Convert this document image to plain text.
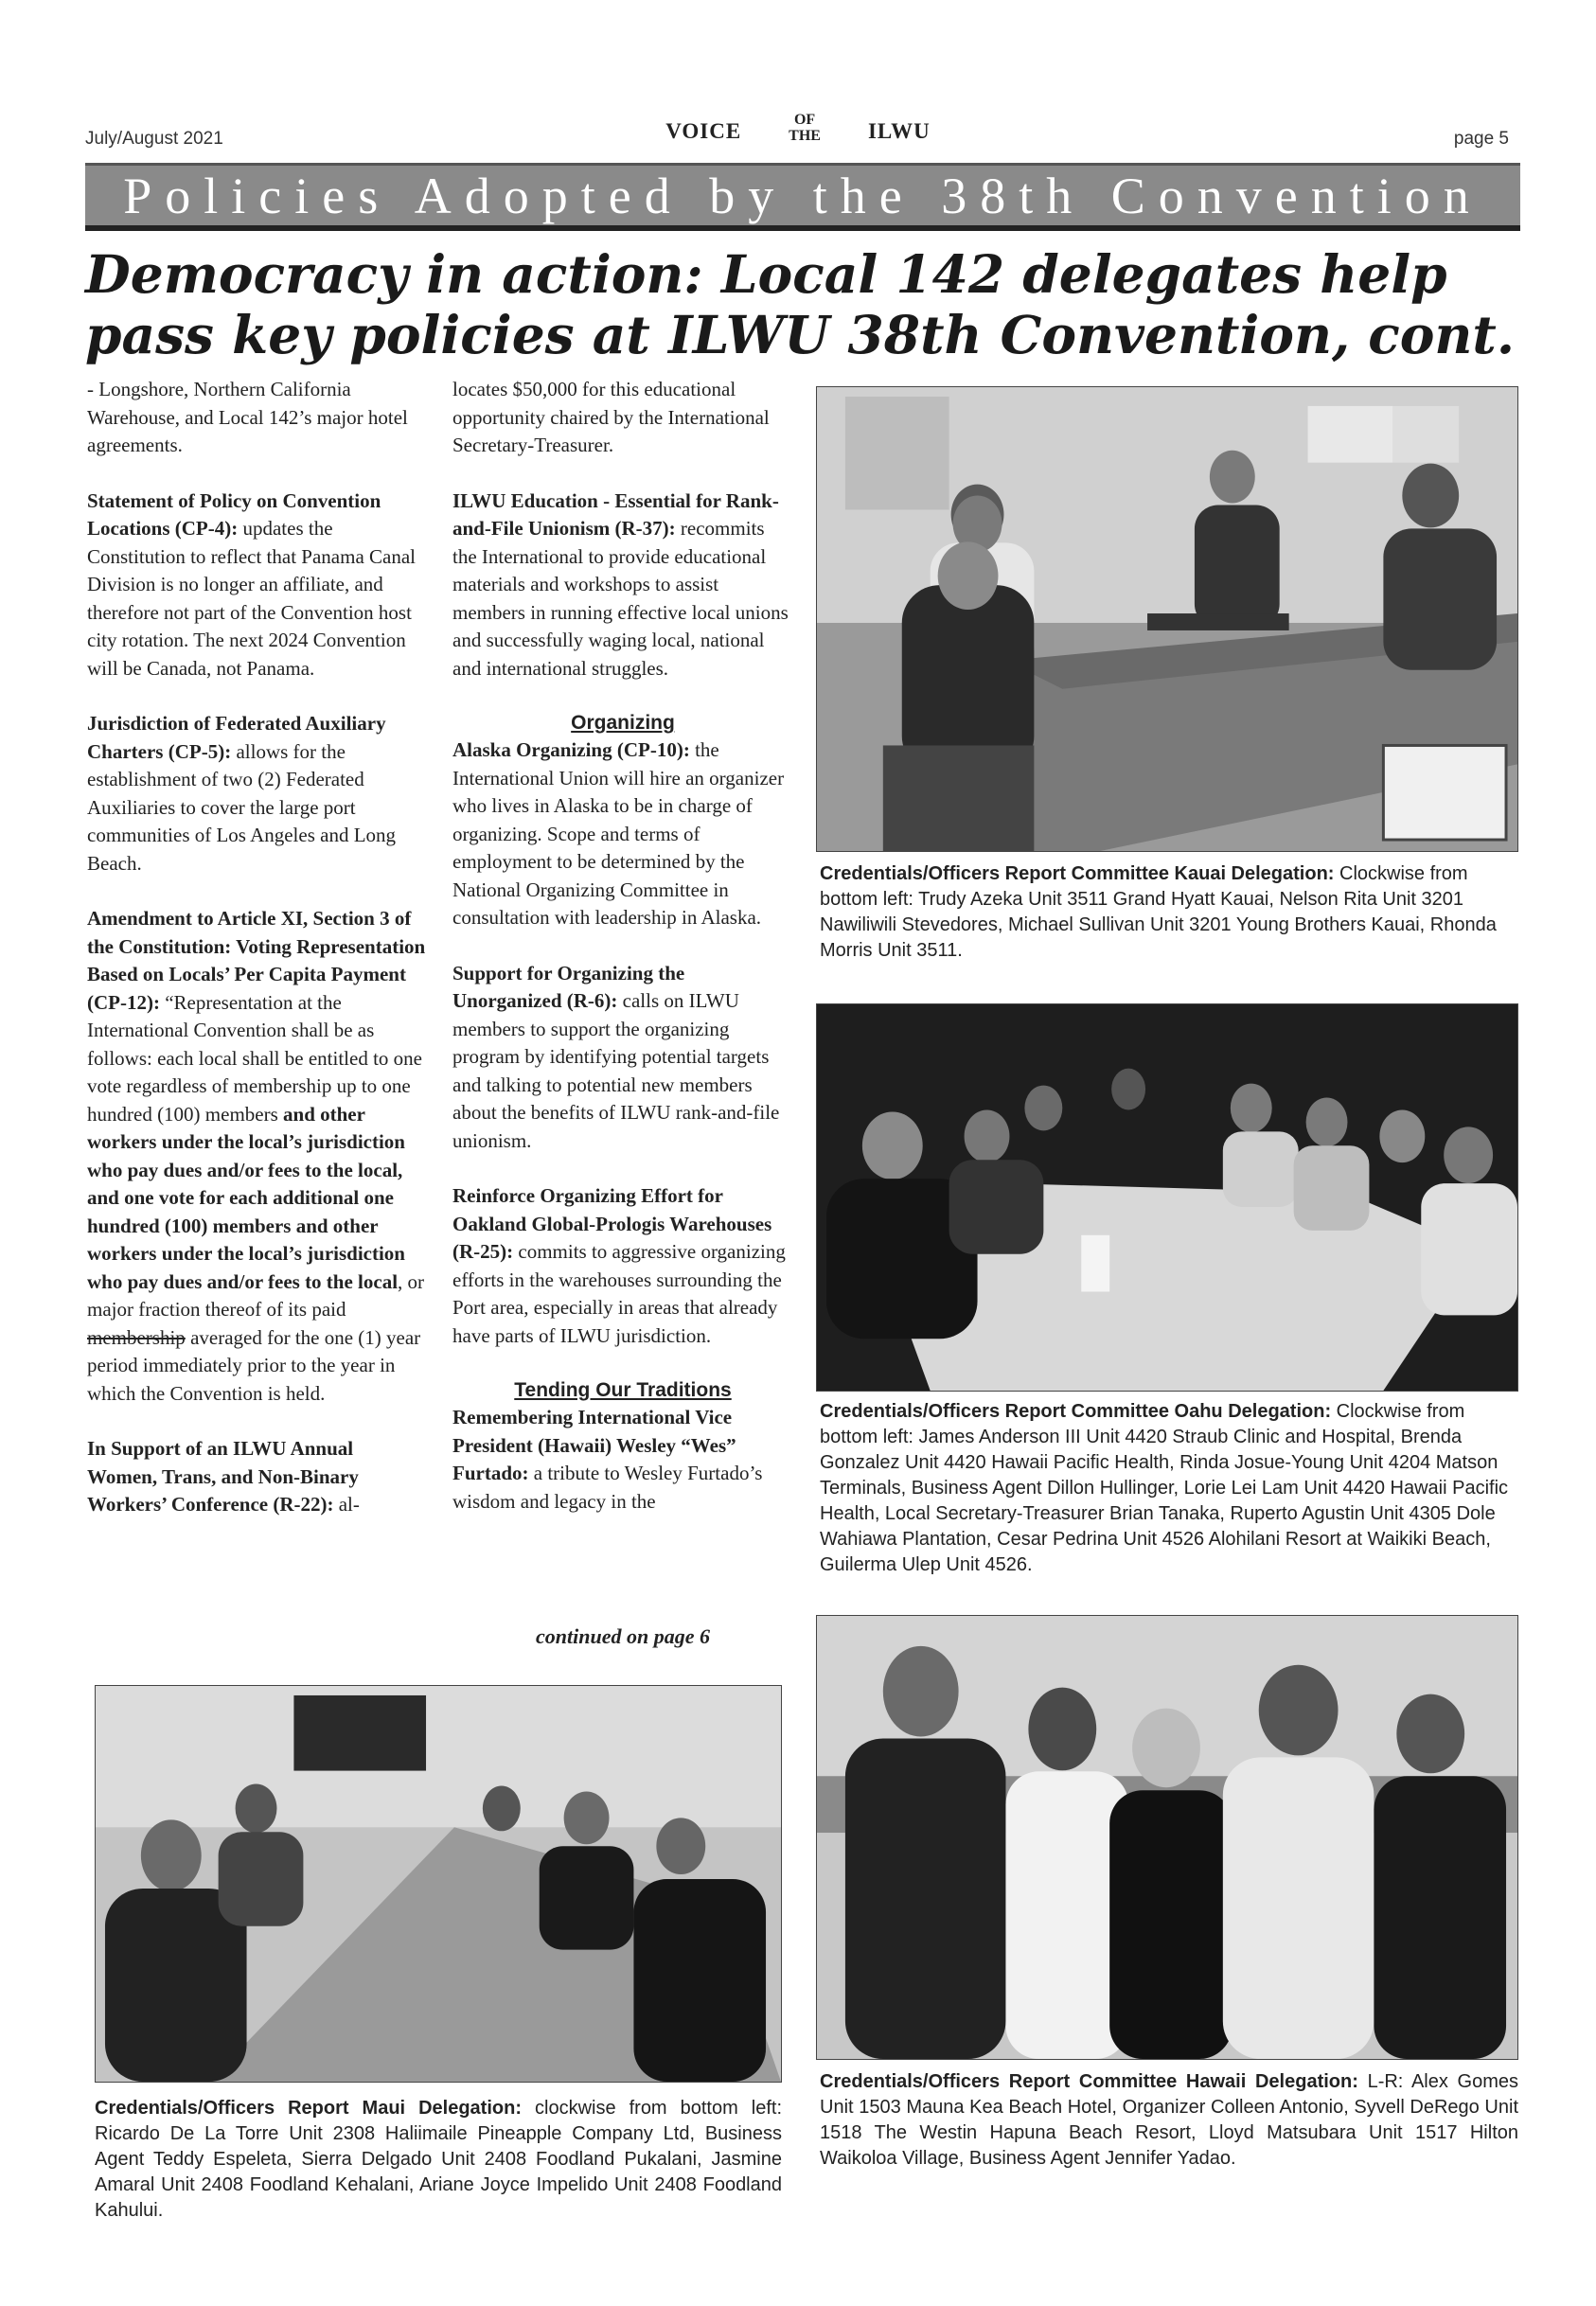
July/August 2021	VOICE	OF
THE ILWU	page 5
Policies Adopted by the 38th Convention
Democracy in action: Local 142 delegates help pass key policies at ILWU 38th Convention, cont.

- Longshore, Northern California Warehouse, and Local 142’s major hotel agreements.

Statement of Policy on Convention Locations (CP-4): updates the Constitution to reflect that Panama Canal Division is no longer an affiliate, and therefore not part of the Convention host city rotation. The next 2024 Convention will be Canada, not Panama.

Jurisdiction of Federated Auxiliary Charters (CP-5): allows for the establishment of two (2) Federated Auxiliaries to cover the large port communities of Los Angeles and Long Beach.

Amendment to Article XI, Section 3 of the Constitution: Voting Representation Based on Locals’ Per Capita Payment (CP-12): “Representation at the International Convention shall be as follows: each local shall be entitled to one vote regardless of membership up to one hundred (100) members and other workers under the local’s jurisdiction who pay dues and/or fees to the local, and one vote for each additional one hundred (100) members and other workers under the local’s jurisdiction who pay dues and/or fees to the local, or major fraction thereof of its paid membership averaged for the one (1) year period immediately prior to the year in which the Convention is held.

In Support of an ILWU Annual Women, Trans, and Non-Binary Workers’ Conference (R-22): al-

locates $50,000 for this educational opportunity chaired by the International Secretary-Treasurer.

ILWU Education - Essential for Rank-and-File Unionism (R-37): recommits the International to provide educational materials and workshops to assist members in running effective local unions and successfully waging local, national and international struggles.

Organizing

Alaska Organizing (CP-10): the International Union will hire an organizer who lives in Alaska to be in charge of organizing. Scope and terms of employment to be determined by the National Organizing Committee in consultation with leadership in Alaska.

Support for Organizing the Unorganized (R-6): calls on ILWU members to support the organizing program by identifying potential targets and talking to potential new members about the benefits of ILWU rank-and-file unionism.

Reinforce Organizing Effort for Oakland Global-Prologis Warehouses (R-25): commits to aggressive organizing efforts in the warehouses surrounding the Port area, especially in areas that already have parts of ILWU jurisdiction.

Tending Our Traditions

Remembering International Vice President (Hawaii) Wesley “Wes” Furtado: a tribute to Wesley Furtado’s wisdom and legacy in the

continued on page 6
Credentials/Officers Report Committee Kauai Delegation: Clockwise from bottom left: Trudy Azeka Unit 3511 Grand Hyatt Kauai, Nelson Rita Unit 3201 Nawiliwili Stevedores, Michael Sullivan Unit 3201 Young Brothers Kauai, Rhonda Morris Unit 3511.
Credentials/Officers Report Committee Oahu Delegation: Clockwise from bottom left: James Anderson III Unit 4420 Straub Clinic and Hospital, Brenda Gonzalez Unit 4420 Hawaii Pacific Health, Rinda Josue-Young Unit 4204 Matson Terminals, Business Agent Dillon Hullinger, Lorie Lei Lam Unit 4420 Hawaii Pacific Health, Local Secretary-Treasurer Brian Tanaka, Ruperto Agustin Unit 4305 Dole Wahiawa Plantation, Cesar Pedrina Unit 4526 Alohilani Resort at Waikiki Beach, Guilerma Ulep Unit 4526.
Credentials/Officers Report Maui Delegation: clockwise from bottom left: Ricardo De La Torre Unit 2308 Haliimaile Pineapple Company Ltd, Business Agent Teddy Espeleta, Sierra Delgado Unit 2408 Foodland Pukalani, Jasmine Amaral Unit 2408 Foodland Kehalani, Ariane Joyce Impelido Unit 2408 Foodland Kahului.
Credentials/Officers Report Committee Hawaii Delegation: L-R: Alex Gomes Unit 1503 Mauna Kea Beach Hotel, Organizer Colleen Antonio, Syvell DeRego Unit 1518 The Westin Hapuna Beach Resort, Lloyd Matsubara Unit 1517 Hilton Waikoloa Village, Business Agent Jennifer Yadao.
